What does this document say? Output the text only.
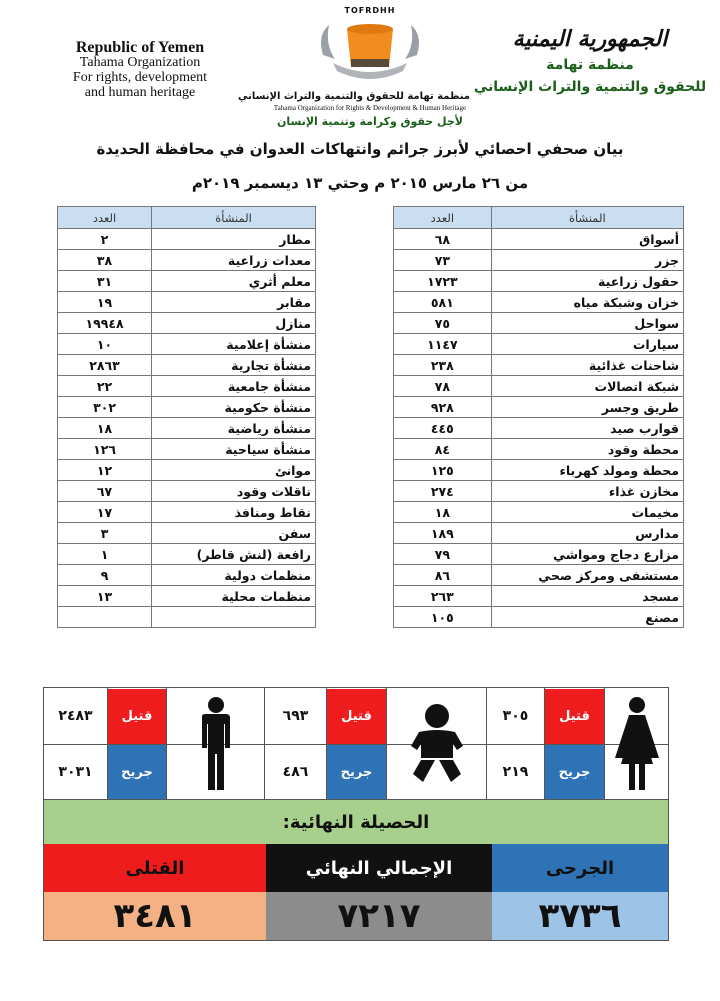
Republic of Yemen
Tahama Organization
For rights, development
and human heritage
TOFRDHH
منظمة تهامة للحقوق والتنمية والتراث الإنساني
Tahama Organization for Rights & Development & Human Heritage
لأجل حقوق وكرامة وتنمية الإنسان
الجمهورية اليمنية
منظمة تهامة
للحقوق والتنمية والتراث الإنساني
بيان صحفي احصائي لأبرز جرائم وانتهاكات العدوان في محافظة الحديدة
من ٢٦ مارس ٢٠١٥ م وحتي ١٣ ديسمبر ٢٠١٩م
المنشأة	العدد
أسواق	٦٨
جزر	٧٣
حقول زراعية	١٧٢٣
خزان وشبكة مياه	٥٨١
سواحل	٧٥
سيارات	١١٤٧
شاحنات غذائية	٢٣٨
شبكة اتصالات	٧٨
طريق وجسر	٩٢٨
قوارب صيد	٤٤٥
محطة وقود	٨٤
محطة ومولد كهرباء	١٢٥
مخازن غذاء	٢٧٤
مخيمات	١٨
مدارس	١٨٩
مزارع دجاج ومواشي	٧٩
مستشفى ومركز صحي	٨٦
مسجد	٢٦٣
مصنع	١٠٥
المنشأة	العدد
مطار	٢
معدات زراعية	٣٨
معلم أثري	٣١
مقابر	١٩
منازل	١٩٩٤٨
منشأة إعلامية	١٠
منشأة تجارية	٢٨٦٣
منشأة جامعية	٢٢
منشأة حكومية	٣٠٢
منشأة رياضية	١٨
منشأة سياحية	١٢٦
موانئ	١٢
ناقلات وقود	٦٧
نقاط ومنافذ	١٧
سفن	٣
رافعة (لنش قاطر)	١
منظمات دولية	٩
منظمات محلية	١٣

٢٤٨٣	قتيل
٣٠٣١	جريح
٦٩٣	قتيل
٤٨٦	جريح
٣٠٥	قتيل
٢١٩	جريح
الحصيلة النهائية:
القتلى	الإجمالي النهائي	الجرحى
٣٤٨١	٧٢١٧	٣٧٣٦
